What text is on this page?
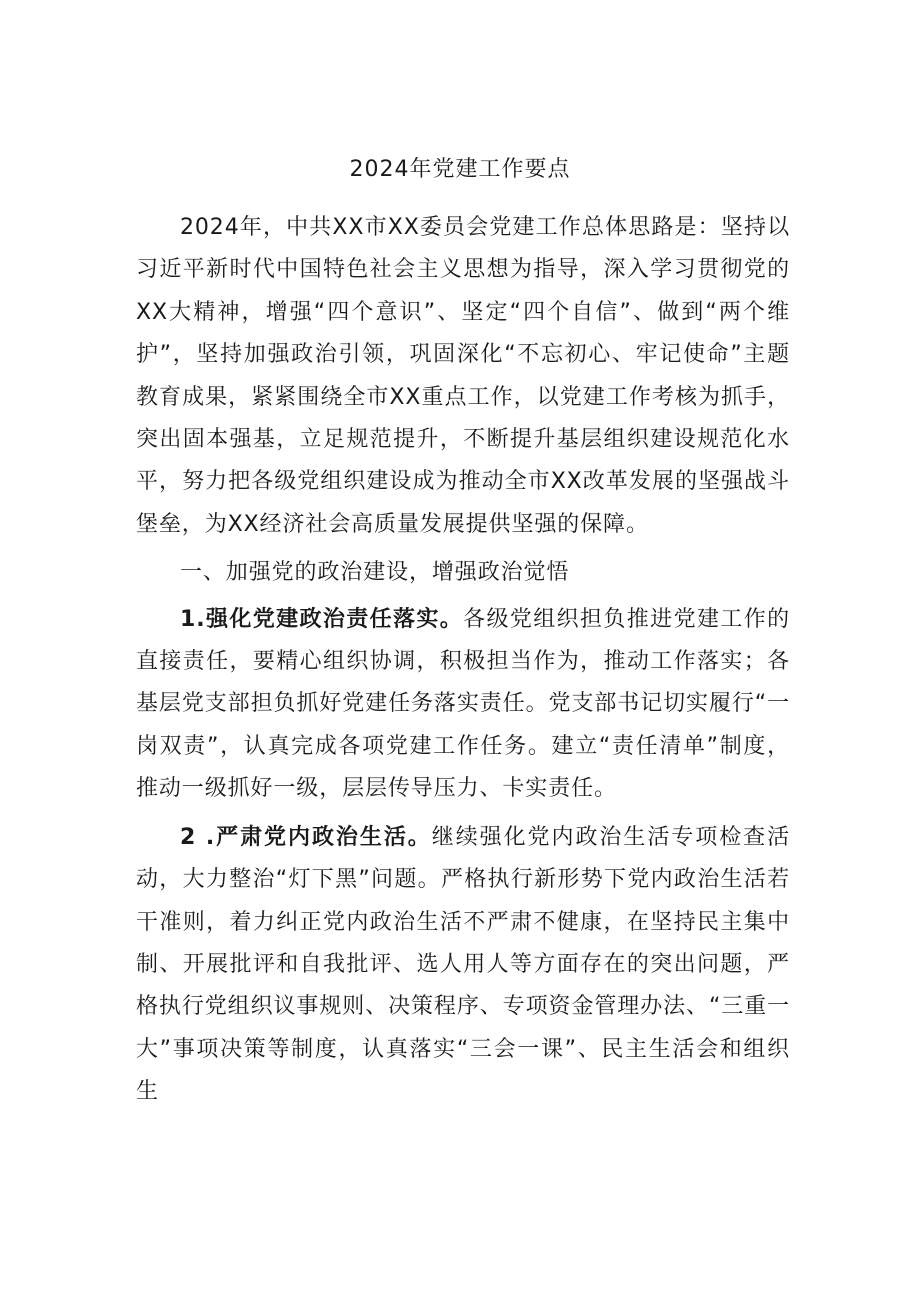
2024年党建工作要点

2024年，中共XX市XX委员会党建工作总体思路是：坚持以习近平新时代中国特色社会主义思想为指导，深入学习贯彻党的XX大精神，增强“四个意识”、坚定“四个自信”、做到“两个维护”，坚持加强政治引领，巩固深化“不忘初心、牢记使命”主题教育成果，紧紧围绕全市XX重点工作，以党建工作考核为抓手，突出固本强基，立足规范提升，不断提升基层组织建设规范化水平，努力把各级党组织建设成为推动全市XX改革发展的坚强战斗堡垒，为XX经济社会高质量发展提供坚强的保障。

一、加强党的政治建设，增强政治觉悟

1.强化党建政治责任落实。各级党组织担负推进党建工作的直接责任，要精心组织协调，积极担当作为，推动工作落实；各基层党支部担负抓好党建任务落实责任。党支部书记切实履行“一岗双责”，认真完成各项党建工作任务。建立“责任清单”制度，推动一级抓好一级，层层传导压力、卡实责任。

2 .严肃党内政治生活。继续强化党内政治生活专项检查活动，大力整治“灯下黑”问题。严格执行新形势下党内政治生活若干准则，着力纠正党内政治生活不严肃不健康，在坚持民主集中制、开展批评和自我批评、选人用人等方面存在的突出问题，严格执行党组织议事规则、决策程序、专项资金管理办法、“三重一大”事项决策等制度，认真落实“三会一课”、民主生活会和组织生
